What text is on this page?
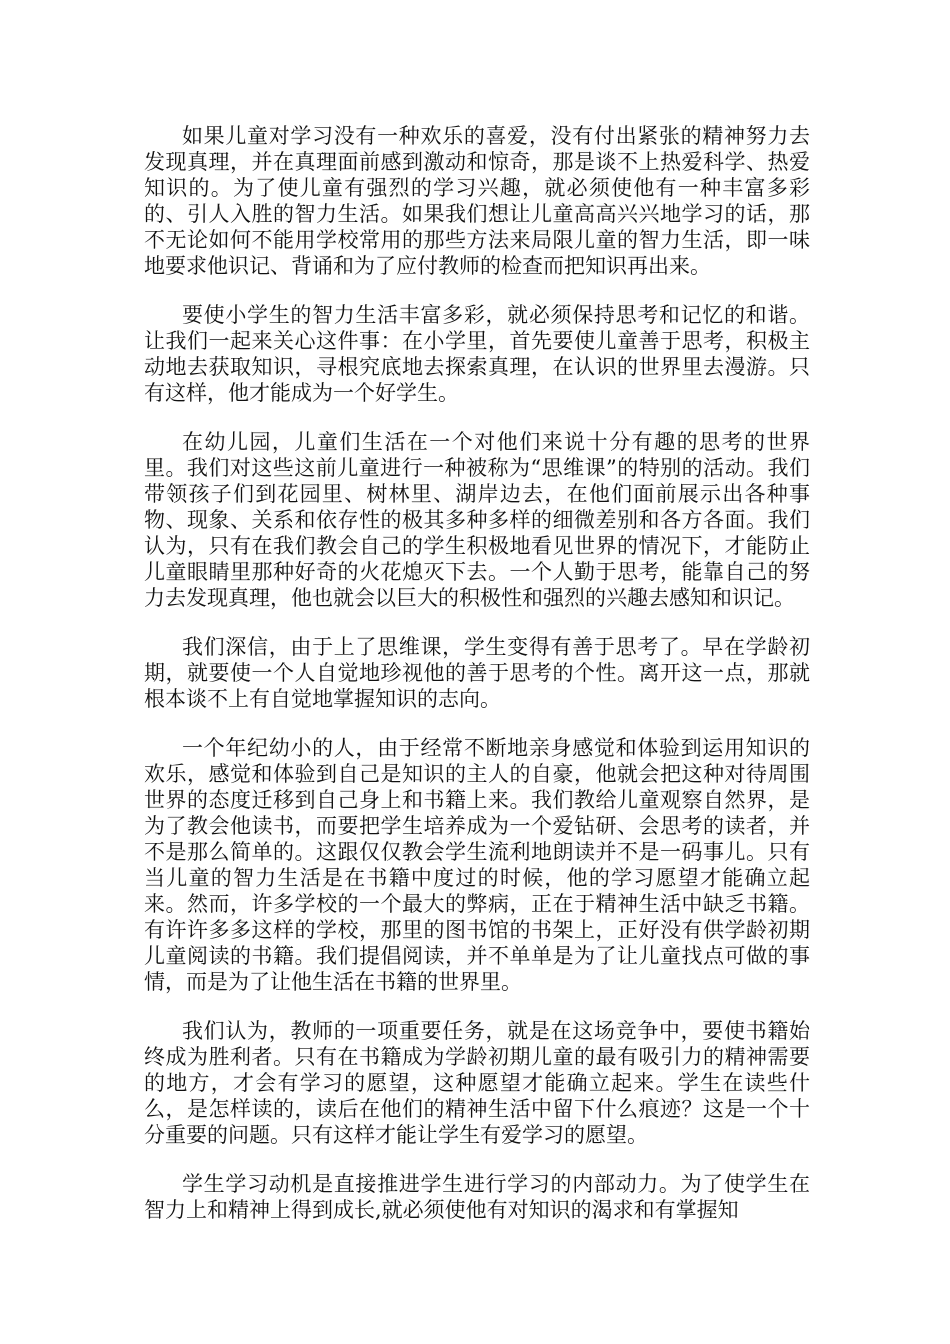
如果儿童对学习没有一种欢乐的喜爱，没有付出紧张的精神努力去发现真理，并在真理面前感到激动和惊奇，那是谈不上热爱科学、热爱知识的。为了使儿童有强烈的学习兴趣，就必须使他有一种丰富多彩的、引人入胜的智力生活。如果我们想让儿童高高兴兴地学习的话，那不无论如何不能用学校常用的那些方法来局限儿童的智力生活，即一味地要求他识记、背诵和为了应付教师的检查而把知识再出来。

要使小学生的智力生活丰富多彩，就必须保持思考和记忆的和谐。让我们一起来关心这件事：在小学里，首先要使儿童善于思考，积极主动地去获取知识，寻根究底地去探索真理，在认识的世界里去漫游。只有这样，他才能成为一个好学生。

在幼儿园，儿童们生活在一个对他们来说十分有趣的思考的世界里。我们对这些这前儿童进行一种被称为“思维课”的特别的活动。我们带领孩子们到花园里、树林里、湖岸边去，在他们面前展示出各种事物、现象、关系和依存性的极其多种多样的细微差别和各方各面。我们认为，只有在我们教会自己的学生积极地看见世界的情况下，才能防止儿童眼睛里那种好奇的火花熄灭下去。一个人勤于思考，能靠自己的努力去发现真理，他也就会以巨大的积极性和强烈的兴趣去感知和识记。

我们深信，由于上了思维课，学生变得有善于思考了。早在学龄初期，就要使一个人自觉地珍视他的善于思考的个性。离开这一点，那就根本谈不上有自觉地掌握知识的志向。

一个年纪幼小的人，由于经常不断地亲身感觉和体验到运用知识的欢乐，感觉和体验到自己是知识的主人的自豪，他就会把这种对待周围世界的态度迁移到自己身上和书籍上来。我们教给儿童观察自然界，是为了教会他读书，而要把学生培养成为一个爱钻研、会思考的读者，并不是那么简单的。这跟仅仅教会学生流利地朗读并不是一码事儿。只有当儿童的智力生活是在书籍中度过的时候，他的学习愿望才能确立起来。然而，许多学校的一个最大的弊病，正在于精神生活中缺乏书籍。有许许多多这样的学校，那里的图书馆的书架上，正好没有供学龄初期儿童阅读的书籍。我们提倡阅读，并不单单是为了让儿童找点可做的事情，而是为了让他生活在书籍的世界里。

我们认为，教师的一项重要任务，就是在这场竞争中，要使书籍始终成为胜利者。只有在书籍成为学龄初期儿童的最有吸引力的精神需要的地方，才会有学习的愿望，这种愿望才能确立起来。学生在读些什么，是怎样读的，读后在他们的精神生活中留下什么痕迹？这是一个十分重要的问题。只有这样才能让学生有爱学习的愿望。

学生学习动机是直接推进学生进行学习的内部动力。为了使学生在智力上和精神上得到成长,就必须使他有对知识的渴求和有掌握知
